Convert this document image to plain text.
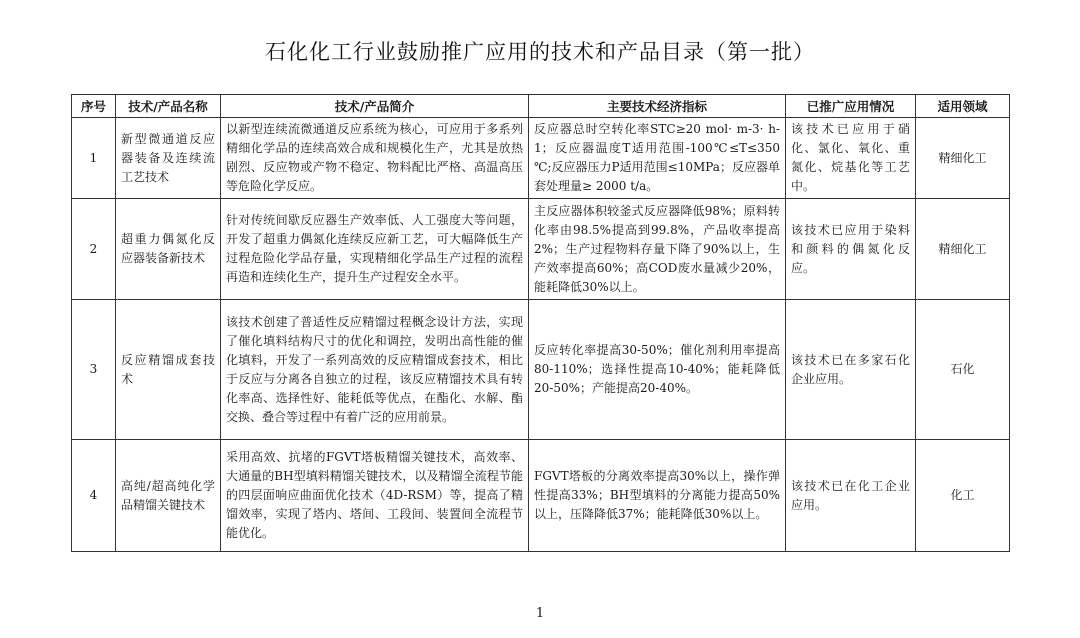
石化化工行业鼓励推广应用的技术和产品目录（第一批）
序号	技术/产品名称	技术/产品简介	主要技术经济指标	已推广应用情况	适用领域
1	新型微通道反应器装备及连续流工艺技术	以新型连续流微通道反应系统为核心，可应用于多系列精细化学品的连续高效合成和规模化生产，尤其是放热剧烈、反应物或产物不稳定、物料配比严格、高温高压等危险化学反应。	反应器总时空转化率STC≥20 mol· m-3· h-1；反应器温度T适用范围-100℃≤T≤350 ℃;反应器压力P适用范围≤10MPa；反应器单套处理量≥ 2000 t/a。	该技术已应用于硝化、氯化、氧化、重氮化、烷基化等工艺中。	精细化工
2	超重力偶氮化反应器装备新技术	针对传统间歇反应器生产效率低、人工强度大等问题，开发了超重力偶氮化连续反应新工艺，可大幅降低生产过程危险化学品存量，实现精细化学品生产过程的流程再造和连续化生产，提升生产过程安全水平。	主反应器体积较釜式反应器降低98%；原料转化率由98.5%提高到99.8%，产品收率提高2%；生产过程物料存量下降了90%以上，生产效率提高60%；高COD废水量减少20%，能耗降低30%以上。	该技术已应用于染料和颜料的偶氮化反应。	精细化工
3	反应精馏成套技术	该技术创建了普适性反应精馏过程概念设计方法，实现了催化填料结构尺寸的优化和调控，发明出高性能的催化填料，开发了一系列高效的反应精馏成套技术，相比于反应与分离各自独立的过程，该反应精馏技术具有转化率高、选择性好、能耗低等优点，在酯化、水解、酯交换、叠合等过程中有着广泛的应用前景。	反应转化率提高30-50%；催化剂利用率提高80-110%；选择性提高10-40%；能耗降低20-50%；产能提高20-40%。	该技术已在多家石化企业应用。	石化
4	高纯/超高纯化学品精馏关键技术	采用高效、抗堵的FGVT塔板精馏关键技术，高效率、大通量的BH型填料精馏关键技术，以及精馏全流程节能的四层面响应曲面优化技术（4D-RSM）等，提高了精馏效率，实现了塔内、塔间、工段间、装置间全流程节能优化。	FGVT塔板的分离效率提高30%以上，操作弹性提高33%；BH型填料的分离能力提高50%以上，压降降低37%；能耗降低30%以上。	该技术已在化工企业应用。	化工
1
